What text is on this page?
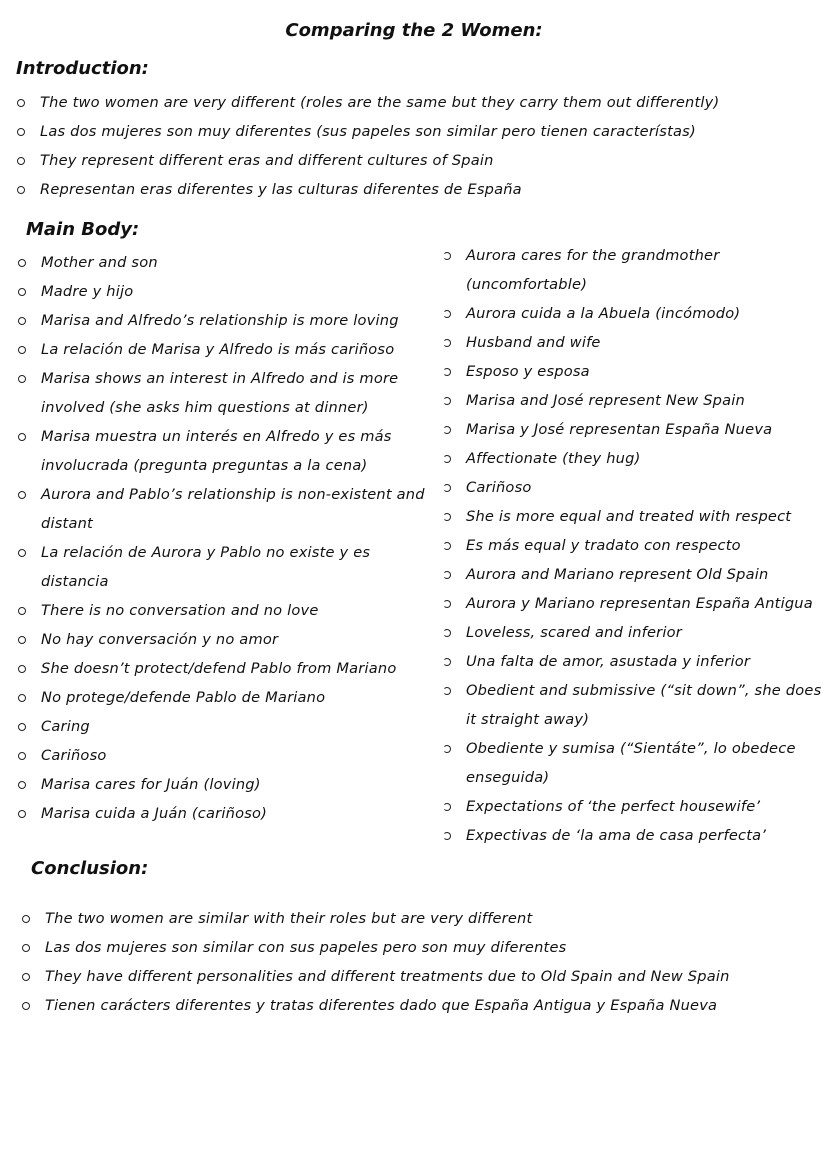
Comparing the 2 Women:
Introduction:
The two women are very different (roles are the same but they carry them out differently)
Las dos mujeres son muy diferentes (sus papeles son similar pero tienen característas)
They represent different eras and different cultures of Spain
Representan eras diferentes y las culturas diferentes de España
Main Body:
Mother and son
Madre y hijo
Marisa and Alfredo’s relationship is more loving
La relación de Marisa y Alfredo is más cariñoso
Marisa shows an interest in Alfredo and is more involved (she asks him questions at dinner)
Marisa muestra un interés en Alfredo y es más involucrada (pregunta preguntas a la cena)
Aurora and Pablo’s relationship is non-existent and distant
La relación de Aurora y Pablo no existe y es distancia
There is no conversation and no love
No hay conversación y no amor
She doesn’t protect/defend Pablo from Mariano
No protege/defende Pablo de Mariano
Caring
Cariñoso
Marisa cares for Juán (loving)
Marisa cuida a Juán (cariñoso)
Aurora cares for the grandmother (uncomfortable)
Aurora cuida a la Abuela (incómodo)
Husband and wife
Esposo y esposa
Marisa and José represent New Spain
Marisa y José representan España Nueva
Affectionate (they hug)
Cariñoso
She is more equal and treated with respect
Es más equal y tradato con respecto
Aurora and Mariano represent Old Spain
Aurora y Mariano representan España Antigua
Loveless, scared and inferior
Una falta de amor, asustada y inferior
Obedient and submissive (“sit down”, she does it straight away)
Obediente y sumisa (“Sientáte”, lo obedece enseguida)
Expectations of ‘the perfect housewife’
Expectivas de ‘la ama de casa perfecta’
Conclusion:
The two women are similar with their roles but are very different
Las dos mujeres son similar con sus papeles pero son muy diferentes
They have different personalities and different treatments due to Old Spain and New Spain
Tienen carácters diferentes y tratas diferentes dado que España Antigua y España Nueva
